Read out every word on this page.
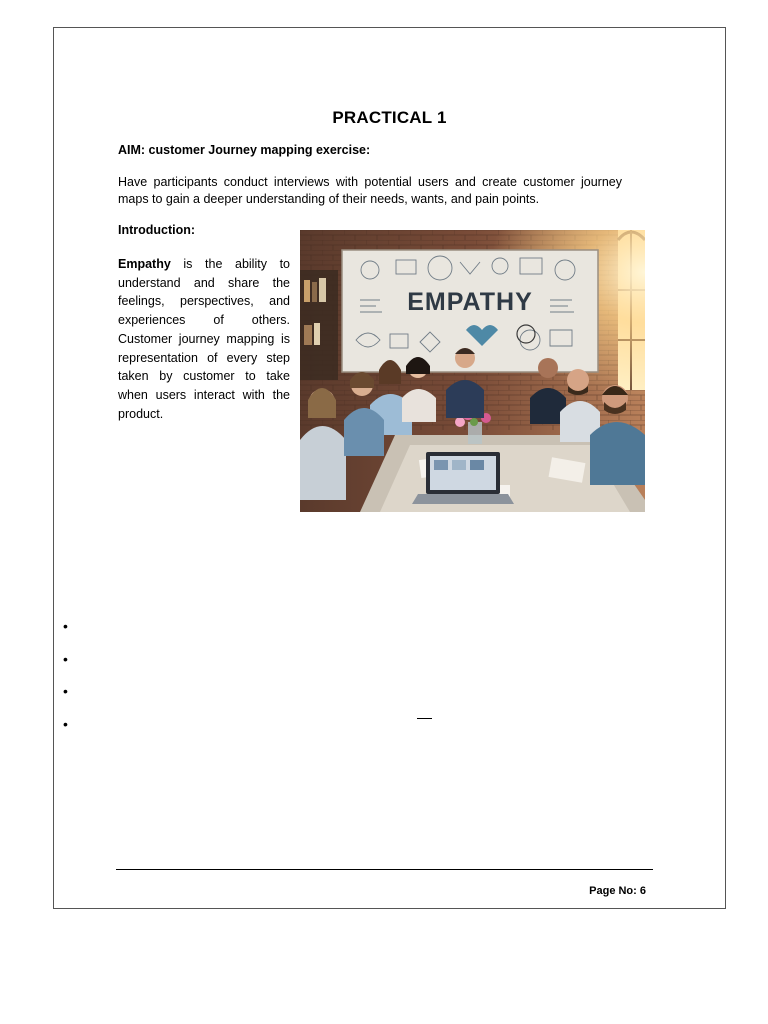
PRACTICAL 1
AIM: customer Journey mapping exercise:
Have participants conduct interviews with potential users and create customer journey maps to gain a deeper understanding of their needs, wants, and pain points.
Introduction:
Empathy is the ability to understand and share the feelings, perspectives, and experiences of others. Customer journey mapping is representation of every step taken by customer to take when users interact with the product.
EMPATHY
•
•
•
•
Page No: 6
